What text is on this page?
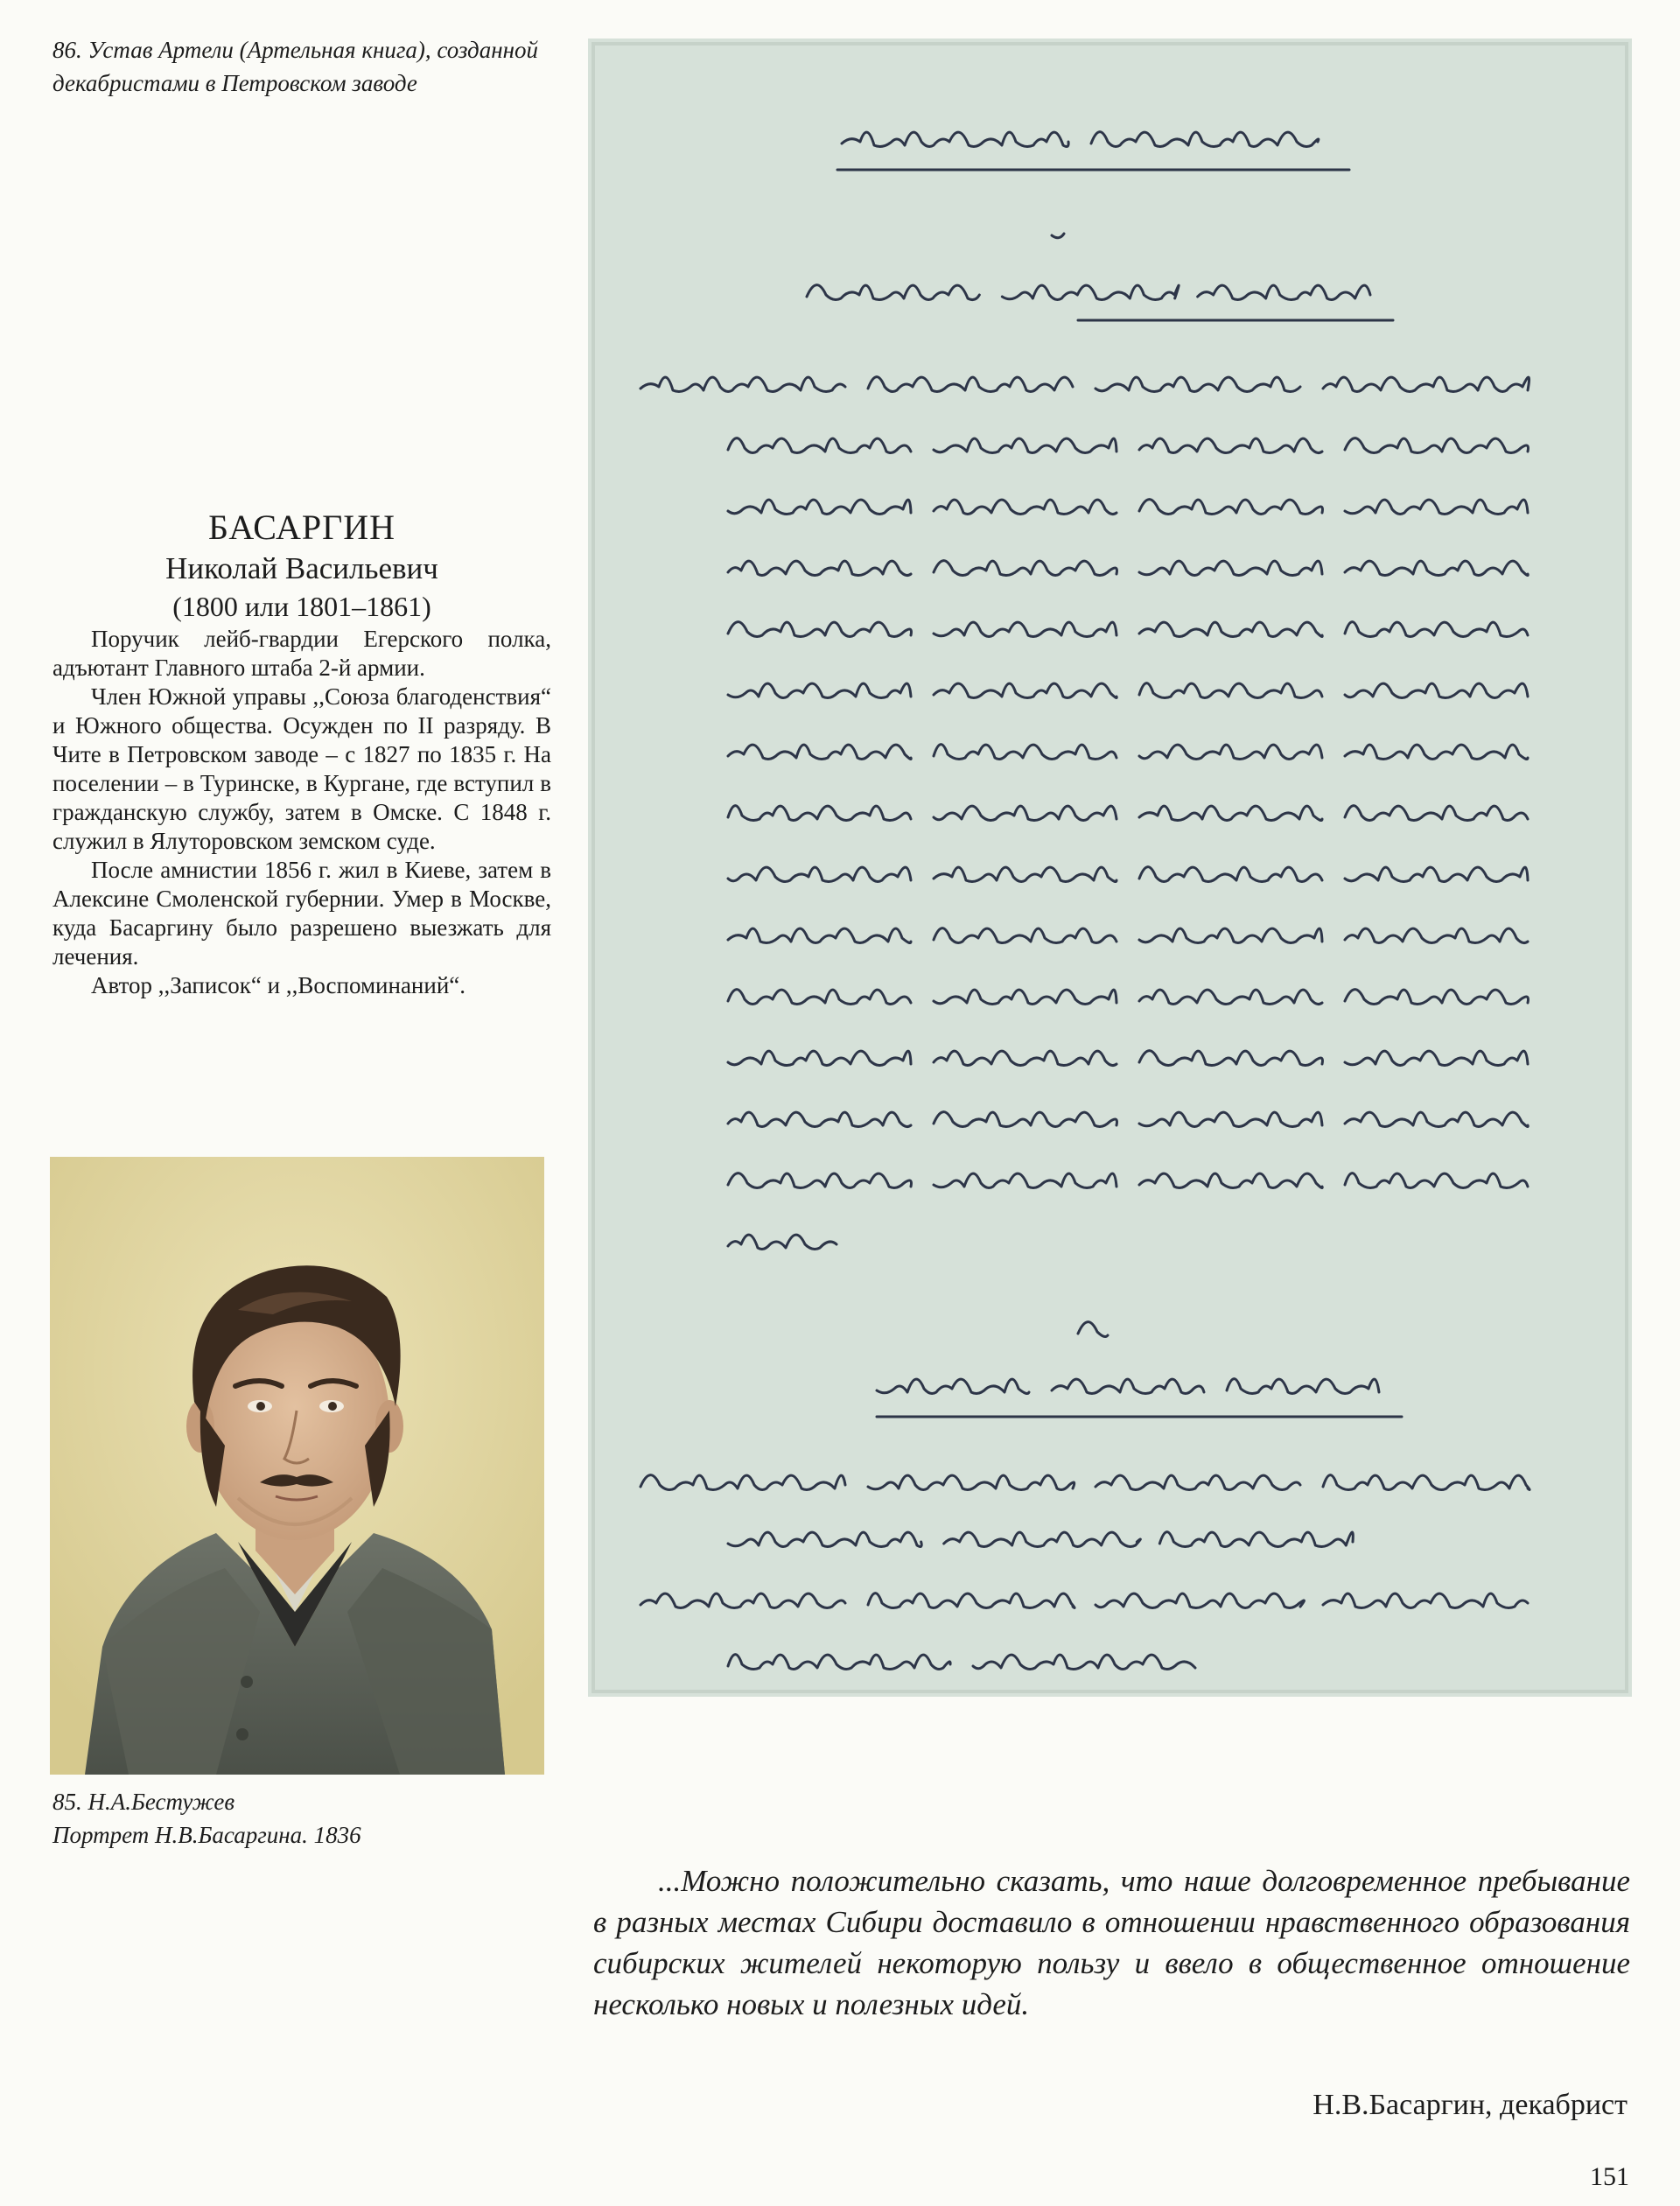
86. Устав Артели (Артельная книга), созданной декабристами в Петровском заводе
БАСАРГИН
Николай Васильевич
(1800 или 1801–1861)

Поручик лейб-гвардии Егерского полка, адъютант Главного штаба 2-й армии.

Член Южной управы ,,Союза благоденствия“ и Южного общества. Осужден по II разряду. В Чите в Петровском заводе – с 1827 по 1835 г. На поселении – в Туринске, в Кургане, где вступил в гражданскую службу, затем в Омске. С 1848 г. служил в Ялуторовском земском суде.

После амнистии 1856 г. жил в Киеве, затем в Алексине Смоленской губернии. Умер в Москве, куда Басаргину было разрешено выезжать для лечения.

Автор ,,Записок“ и ,,Воспоминаний“.

85. Н.А.Бестужев
Портрет Н.В.Басаргина. 1836

...Можно положительно сказать, что наше долговременное пребывание в разных местах Сибири доставило в отношении нравственного образования сибирских жителей некоторую пользу и ввело в общественное отношение несколько новых и полезных идей.

Н.В.Басаргин, декабрист
151
